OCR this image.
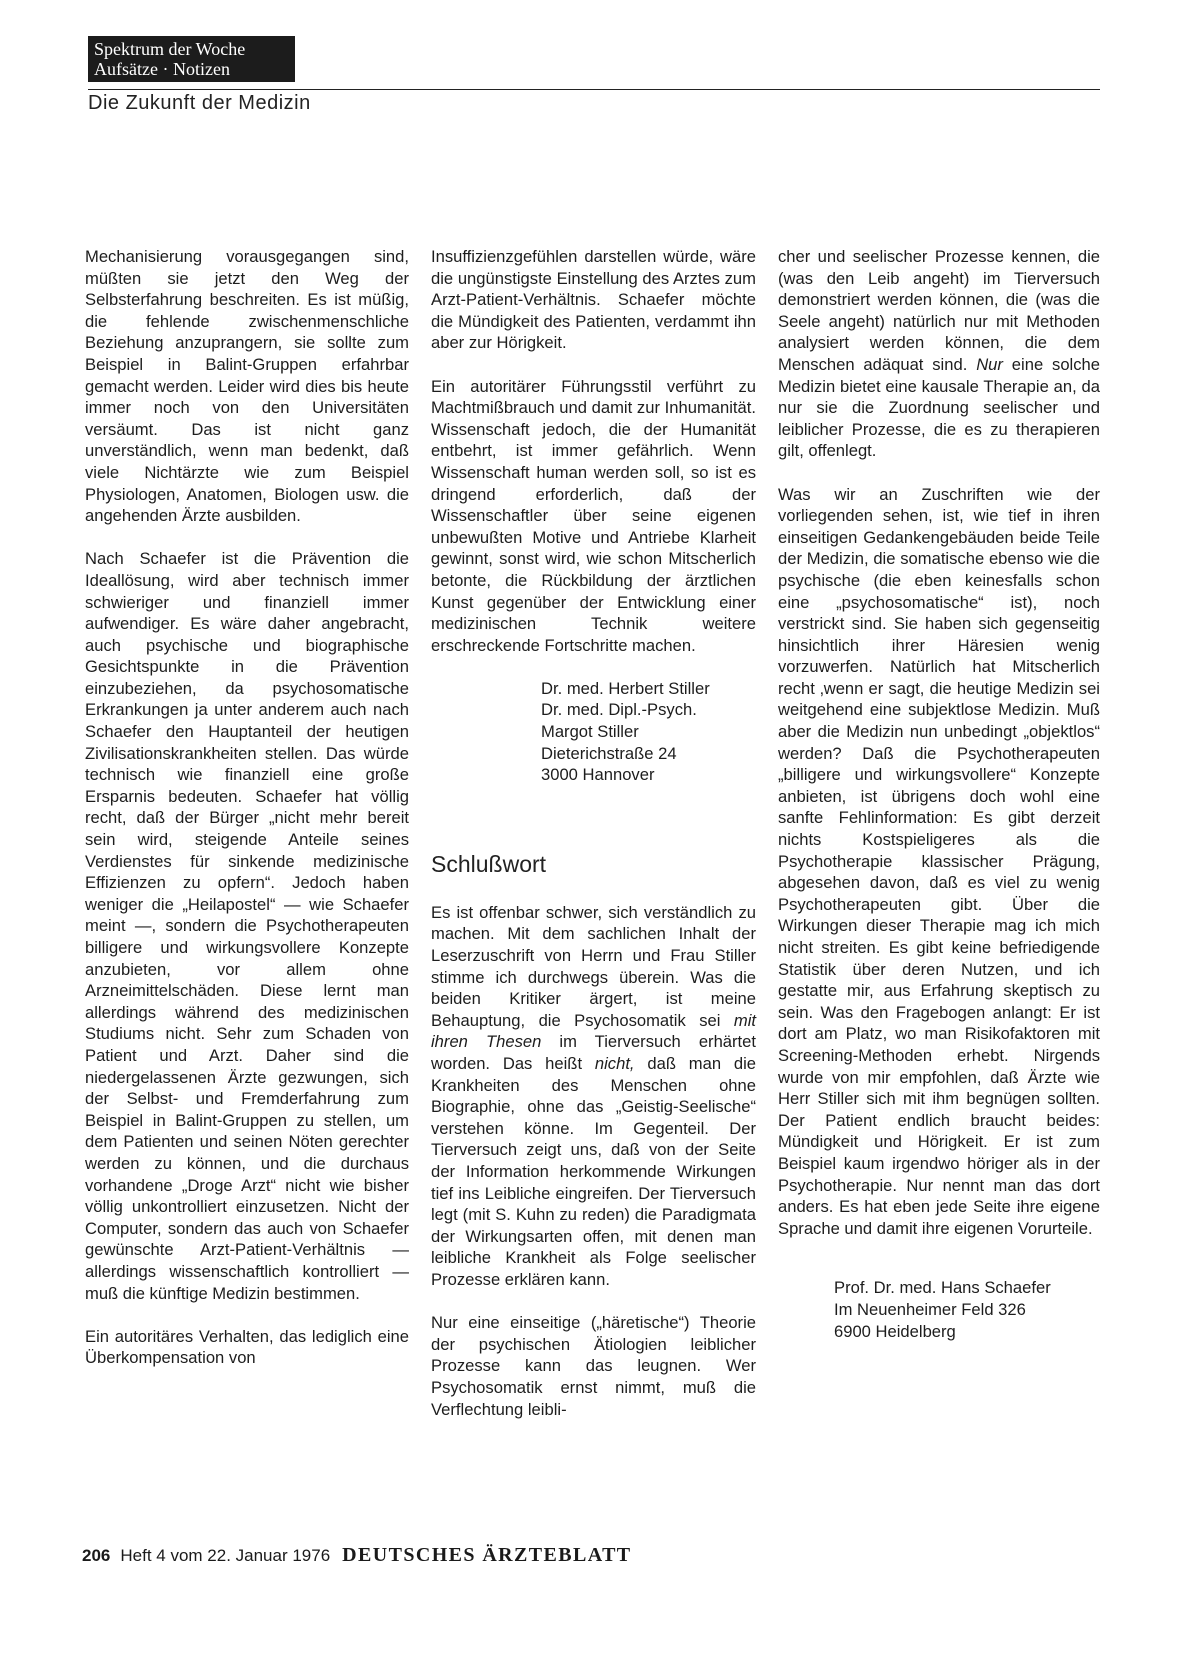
Spektrum der Woche
Aufsätze · Notizen
Die Zukunft der Medizin

Mechanisierung vorausgegangen sind, müßten sie jetzt den Weg der Selbsterfahrung beschreiten. Es ist müßig, die fehlende zwischenmenschliche Beziehung anzuprangern, sie sollte zum Beispiel in Balint-Gruppen erfahrbar gemacht werden. Leider wird dies bis heute immer noch von den Universitäten versäumt. Das ist nicht ganz unverständlich, wenn man bedenkt, daß viele Nichtärzte wie zum Beispiel Physiologen, Anatomen, Biologen usw. die angehenden Ärzte ausbilden.

Nach Schaefer ist die Prävention die Ideallösung, wird aber technisch immer schwieriger und finanziell immer aufwendiger. Es wäre daher angebracht, auch psychische und biographische Gesichtspunkte in die Prävention einzubeziehen, da psychosomatische Erkrankungen ja unter anderem auch nach Schaefer den Hauptanteil der heutigen Zivilisationskrankheiten stellen. Das würde technisch wie finanziell eine große Ersparnis bedeuten. Schaefer hat völlig recht, daß der Bürger „nicht mehr bereit sein wird, steigende Anteile seines Verdienstes für sinkende medizinische Effizienzen zu opfern“. Jedoch haben weniger die „Heilapostel“ — wie Schaefer meint —, sondern die Psychotherapeuten billigere und wirkungsvollere Konzepte anzubieten, vor allem ohne Arzneimittelschäden. Diese lernt man allerdings während des medizinischen Studiums nicht. Sehr zum Schaden von Patient und Arzt. Daher sind die niedergelassenen Ärzte gezwungen, sich der Selbst- und Fremderfahrung zum Beispiel in Balint-Gruppen zu stellen, um dem Patienten und seinen Nöten gerechter werden zu können, und die durchaus vorhandene „Droge Arzt“ nicht wie bisher völlig unkontrolliert einzusetzen. Nicht der Computer, sondern das auch von Schaefer gewünschte Arzt-Patient-Verhältnis — allerdings wissenschaftlich kontrolliert — muß die künftige Medizin bestimmen.

Ein autoritäres Verhalten, das lediglich eine Überkompensation von

Insuffizienzgefühlen darstellen würde, wäre die ungünstigste Einstellung des Arztes zum Arzt-Patient-Verhältnis. Schaefer möchte die Mündigkeit des Patienten, verdammt ihn aber zur Hörigkeit.

Ein autoritärer Führungsstil verführt zu Machtmißbrauch und damit zur Inhumanität. Wissenschaft jedoch, die der Humanität entbehrt, ist immer gefährlich. Wenn Wissenschaft human werden soll, so ist es dringend erforderlich, daß der Wissenschaftler über seine eigenen unbewußten Motive und Antriebe Klarheit gewinnt, sonst wird, wie schon Mitscherlich betonte, die Rückbildung der ärztlichen Kunst gegenüber der Entwicklung einer medizinischen Technik weitere erschreckende Fortschritte machen.

Dr. med. Herbert Stiller
Dr. med. Dipl.-Psych.
Margot Stiller
Dieterichstraße 24
3000 Hannover
Schlußwort

Es ist offenbar schwer, sich verständlich zu machen. Mit dem sachlichen Inhalt der Leserzuschrift von Herrn und Frau Stiller stimme ich durchwegs überein. Was die beiden Kritiker ärgert, ist meine Behauptung, die Psychosomatik sei mit ihren Thesen im Tierversuch erhärtet worden. Das heißt nicht, daß man die Krankheiten des Menschen ohne Biographie, ohne das „Geistig-Seelische“ verstehen könne. Im Gegenteil. Der Tierversuch zeigt uns, daß von der Seite der Information herkommende Wirkungen tief ins Leibliche eingreifen. Der Tierversuch legt (mit S. Kuhn zu reden) die Paradigmata der Wirkungsarten offen, mit denen man leibliche Krankheit als Folge seelischer Prozesse erklären kann.

Nur eine einseitige („häretische“) Theorie der psychischen Ätiologien leiblicher Prozesse kann das leugnen. Wer Psychosomatik ernst nimmt, muß die Verflechtung leibli-

cher und seelischer Prozesse kennen, die (was den Leib angeht) im Tierversuch demonstriert werden können, die (was die Seele angeht) natürlich nur mit Methoden analysiert werden können, die dem Menschen adäquat sind. Nur eine solche Medizin bietet eine kausale Therapie an, da nur sie die Zuordnung seelischer und leiblicher Prozesse, die es zu therapieren gilt, offenlegt.

Was wir an Zuschriften wie der vorliegenden sehen, ist, wie tief in ihren einseitigen Gedankengebäuden beide Teile der Medizin, die somatische ebenso wie die psychische (die eben keinesfalls schon eine „psychosomatische“ ist), noch verstrickt sind. Sie haben sich gegenseitig hinsichtlich ihrer Häresien wenig vorzuwerfen. Natürlich hat Mitscherlich recht ‚wenn er sagt, die heutige Medizin sei weitgehend eine subjektlose Medizin. Muß aber die Medizin nun unbedingt „objektlos“ werden? Daß die Psychotherapeuten „billigere und wirkungsvollere“ Konzepte anbieten, ist übrigens doch wohl eine sanfte Fehlinformation: Es gibt derzeit nichts Kostspieligeres als die Psychotherapie klassischer Prägung, abgesehen davon, daß es viel zu wenig Psychotherapeuten gibt. Über die Wirkungen dieser Therapie mag ich mich nicht streiten. Es gibt keine befriedigende Statistik über deren Nutzen, und ich gestatte mir, aus Erfahrung skeptisch zu sein. Was den Fragebogen anlangt: Er ist dort am Platz, wo man Risikofaktoren mit Screening-Methoden erhebt. Nirgends wurde von mir empfohlen, daß Ärzte wie Herr Stiller sich mit ihm begnügen sollten. Der Patient endlich braucht beides: Mündigkeit und Hörigkeit. Er ist zum Beispiel kaum irgendwo höriger als in der Psychotherapie. Nur nennt man das dort anders. Es hat eben jede Seite ihre eigene Sprache und damit ihre eigenen Vorurteile.

Prof. Dr. med. Hans Schaefer
Im Neuenheimer Feld 326
6900 Heidelberg
206 Heft 4 vom 22. Januar 1976 DEUTSCHES ÄRZTEBLATT
